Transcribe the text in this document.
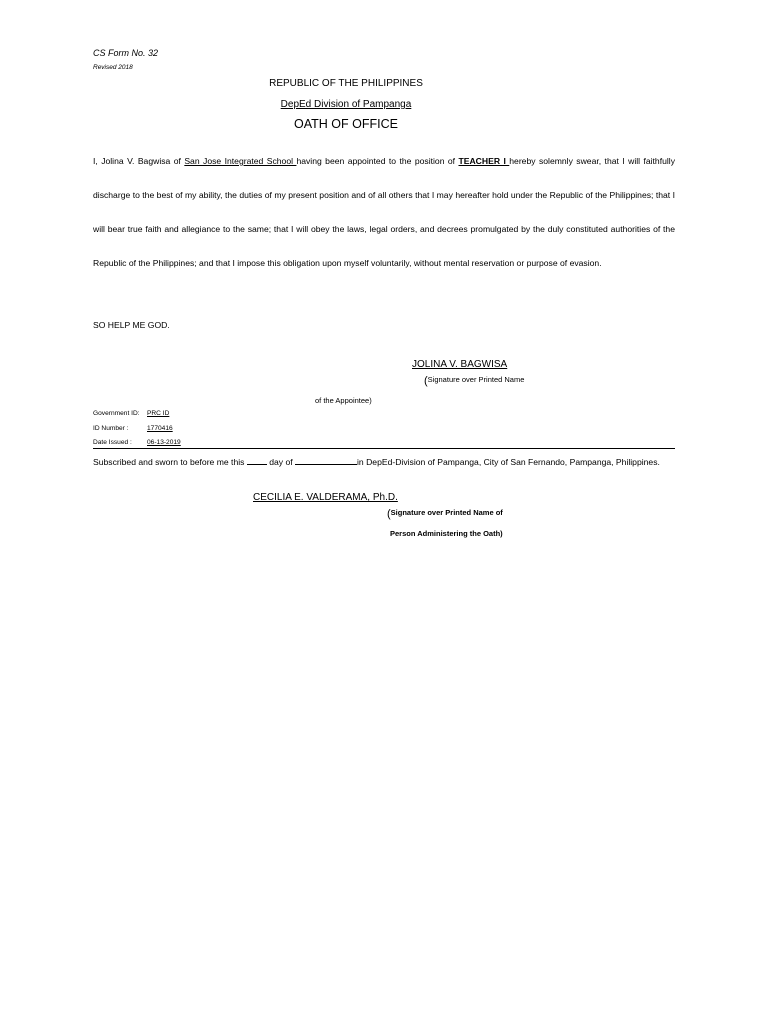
CS Form No. 32
Revised 2018
REPUBLIC OF THE PHILIPPINES
DepEd Division of Pampanga
OATH OF OFFICE
I, Jolina V. Bagwisa of San Jose Integrated School having been appointed to the position of TEACHER I hereby solemnly swear, that I will faithfully discharge to the best of my ability, the duties of my present position and of all others that I may hereafter hold under the Republic of the Philippines; that I will bear true faith and allegiance to the same; that I will obey the laws, legal orders, and decrees promulgated by the duly constituted authorities of the Republic of the Philippines; and that I impose this obligation upon myself voluntarily, without mental reservation or purpose of evasion.
SO HELP ME GOD.
JOLINA V. BAGWISA
(Signature over Printed Name
of the Appointee)
Government ID: PRC ID
ID Number :	1770416
Date Issued : 06-13-2019
Subscribed and sworn to before me this  day of	in DepEd-Division of Pampanga, City of San Fernando, Pampanga, Philippines.
CECILIA E. VALDERAMA, Ph.D.
(Signature over Printed Name of
Person Administering the Oath)
